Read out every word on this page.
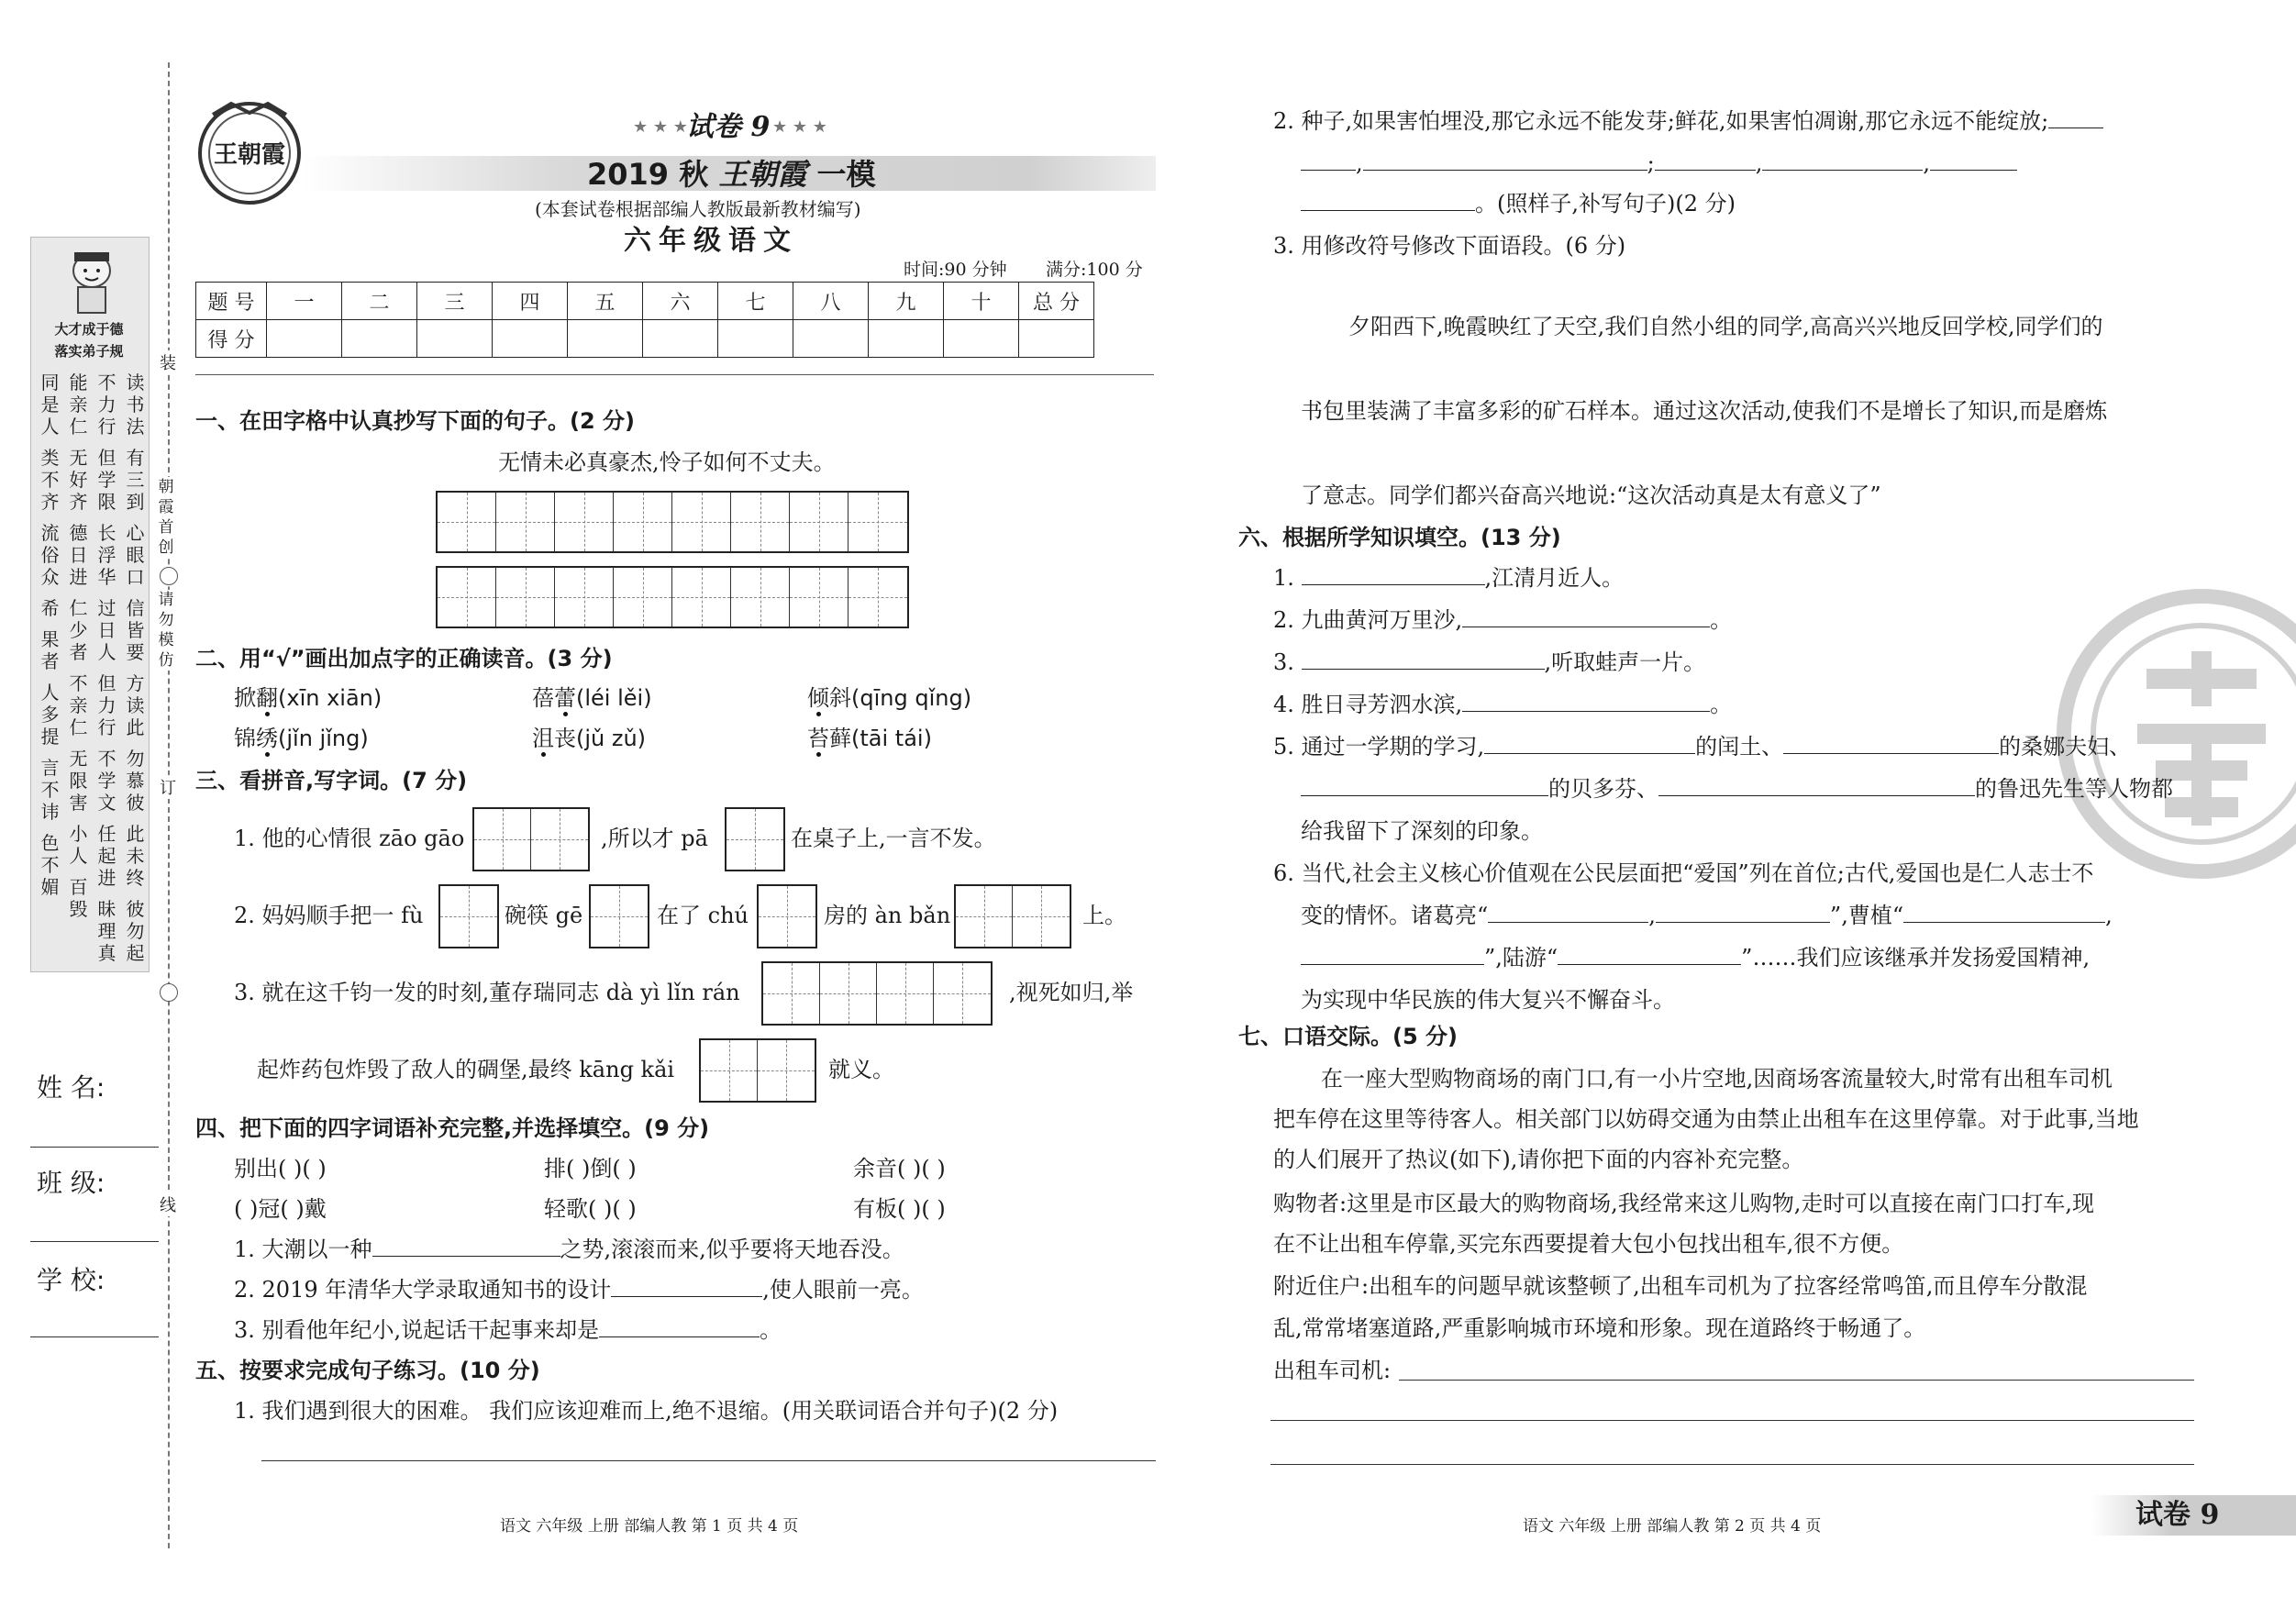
装
朝霞首创
请勿模仿
订
线
大才成于德
落实弟子规
读书法
有三到
心眼口
信皆要
方读此
勿慕彼
此未终
彼勿起
不力行
但学限
长浮华
过日人
但力行
不学文
任起进
昧理真
能亲仁
无好齐
德日进
仁少者
不亲仁
无限害
小人
百毁
同是人
类不齐
流俗众
希
果者
人多提
言不讳
色不媚
姓 名:
班 级:
学 校:
王朝霞
★ ★ ★
试卷 9 ★ ★ ★
2019 秋 王朝霞 一模
(本套试卷根据部编人教版最新教材编写)
六年级语文
时间:90 分钟 满分:100 分
题 号	一	二	三	四	五	六	七	八	九	十	总 分
得 分											
一、在田字格中认真抄写下面的句子。(2 分)
无情未必真豪杰,怜子如何不丈夫。
二、用“√”画出加点字的正确读音。(3 分)
掀翻(xīn xiān)	蓓蕾(léi lěi)	倾斜(qīng qǐng)
锦绣(jǐn jǐng)	沮丧(jǔ zǔ)	苔藓(tāi tái)
三、看拼音,写字词。(7 分)
1. 他的心情很 zāo gāo	,所以才 pā	在桌子上,一言不发。
2. 妈妈顺手把一 fù	碗筷 gē	在了 chú	房的 àn bǎn	上。
3. 就在这千钧一发的时刻,董存瑞同志 dà yì lǐn rán	,视死如归,举
起炸药包炸毁了敌人的碉堡,最终 kāng kǎi	就义。
四、把下面的四字词语补充完整,并选择填空。(9 分)
别出( )( )	排( )倒( )	余音( )( )
( )冠( )戴	轻歌( )( )	有板( )( )
1. 大潮以一种	之势,滚滚而来,似乎要将天地吞没。
2. 2019 年清华大学录取通知书的设计	,使人眼前一亮。
3. 别看他年纪小,说起话干起事来却是	。
五、按要求完成句子练习。(10 分)
1. 我们遇到很大的困难。 我们应该迎难而上,绝不退缩。(用关联词语合并句子)(2 分)
语文 六年级 上册 部编人教 第 1 页 共 4 页
2. 种子,如果害怕埋没,那它永远不能发芽;鲜花,如果害怕凋谢,那它永远不能绽放;
,	;	,	,
。(照样子,补写句子)(2 分)
3. 用修改符号修改下面语段。(6 分)
夕阳西下,晚霞映红了天空,我们自然小组的同学,高高兴兴地反回学校,同学们的
书包里装满了丰富多彩的矿石样本。通过这次活动,使我们不是增长了知识,而是磨炼
了意志。同学们都兴奋高兴地说:“这次活动真是太有意义了”
六、根据所学知识填空。(13 分)
1.	,江清月近人。
2. 九曲黄河万里沙,	。
3.	,听取蛙声一片。
4. 胜日寻芳泗水滨,	。
5. 通过一学期的学习,	的闰土、	的桑娜夫妇、
的贝多芬、	的鲁迅先生等人物都
给我留下了深刻的印象。
6. 当代,社会主义核心价值观在公民层面把“爱国”列在首位;古代,爱国也是仁人志士不
变的情怀。诸葛亮“	,	”,曹植“	,
”,陆游“	”……我们应该继承并发扬爱国精神,
为实现中华民族的伟大复兴不懈奋斗。
七、口语交际。(5 分)
在一座大型购物商场的南门口,有一小片空地,因商场客流量较大,时常有出租车司机
把车停在这里等待客人。相关部门以妨碍交通为由禁止出租车在这里停靠。对于此事,当地
的人们展开了热议(如下),请你把下面的内容补充完整。
购物者:这里是市区最大的购物商场,我经常来这儿购物,走时可以直接在南门口打车,现
在不让出租车停靠,买完东西要提着大包小包找出租车,很不方便。
附近住户:出租车的问题早就该整顿了,出租车司机为了拉客经常鸣笛,而且停车分散混
乱,常常堵塞道路,严重影响城市环境和形象。现在道路终于畅通了。
出租车司机:
语文 六年级 上册 部编人教 第 2 页 共 4 页	试卷 9
